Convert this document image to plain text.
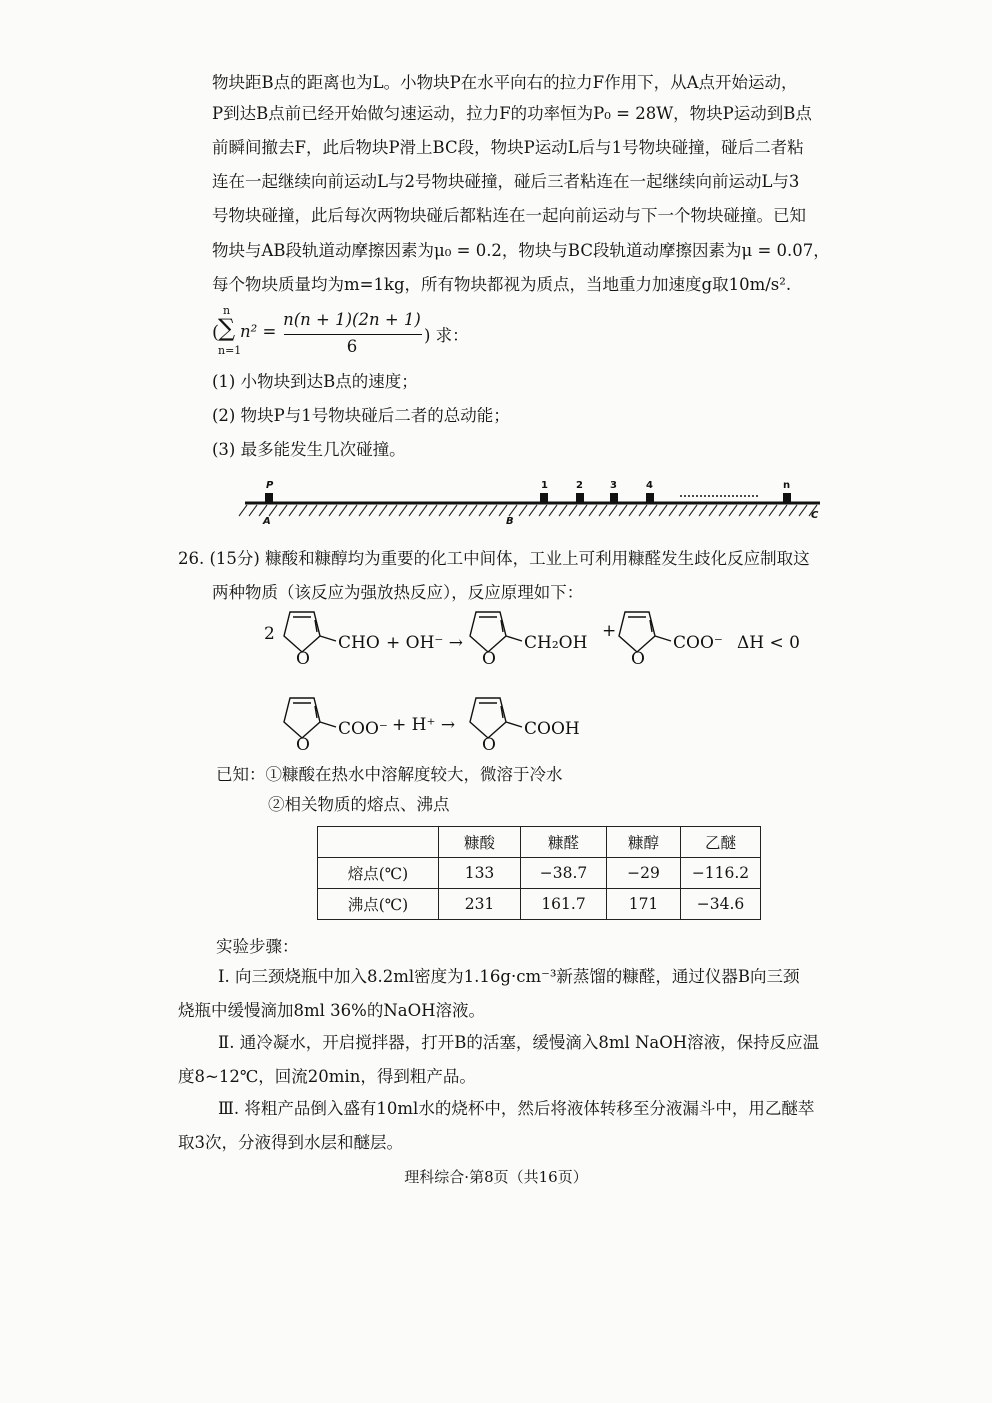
物块距B点的距离也为L。小物块P在水平向右的拉力F作用下，从A点开始运动，
P到达B点前已经开始做匀速运动，拉力F的功率恒为P₀ = 28W，物块P运动到B点
前瞬间撤去F，此后物块P滑上BC段，物块P运动L后与1号物块碰撞，碰后二者粘
连在一起继续向前运动L与2号物块碰撞，碰后三者粘连在一起继续向前运动L与3
号物块碰撞，此后每次两物块碰后都粘连在一起向前运动与下一个物块碰撞。已知
物块与AB段轨道动摩擦因素为μ₀ = 0.2，物块与BC段轨道动摩擦因素为μ = 0.07，
每个物块质量均为m=1kg，所有物块都视为质点，当地重力加速度g取10m/s².
(
∑
n
n=1
n² =
n(n + 1)(2n + 1)
6
) 求：
(1) 小物块到达B点的速度；
(2) 物块P与1号物块碰后二者的总动能；
(3) 最多能发生几次碰撞。
P
A	B
C
1	2	3	4	n
26. (15分) 糠酸和糠醇均为重要的化工中间体，工业上可利用糠醛发生歧化反应制取这
两种物质（该反应为强放热反应），反应原理如下：
2
O
CHO + OH⁻ →
O
CH₂OH
+
O
COO⁻ ΔH < 0
O
COO⁻ + H⁺ →
O
COOH
已知：①糠酸在热水中溶解度较大，微溶于冷水
②相关物质的熔点、沸点
	糠酸	糠醛	糠醇	乙醚
熔点(℃)	133	−38.7	−29	−116.2
沸点(℃)	231	161.7	171	−34.6
实验步骤：
Ⅰ. 向三颈烧瓶中加入8.2ml密度为1.16g·cm⁻³新蒸馏的糠醛，通过仪器B向三颈
烧瓶中缓慢滴加8ml 36%的NaOH溶液。
Ⅱ. 通冷凝水，开启搅拌器，打开B的活塞，缓慢滴入8ml NaOH溶液，保持反应温
度8~12℃，回流20min，得到粗产品。
Ⅲ. 将粗产品倒入盛有10ml水的烧杯中，然后将液体转移至分液漏斗中，用乙醚萃
取3次，分液得到水层和醚层。
理科综合·第8页（共16页）
